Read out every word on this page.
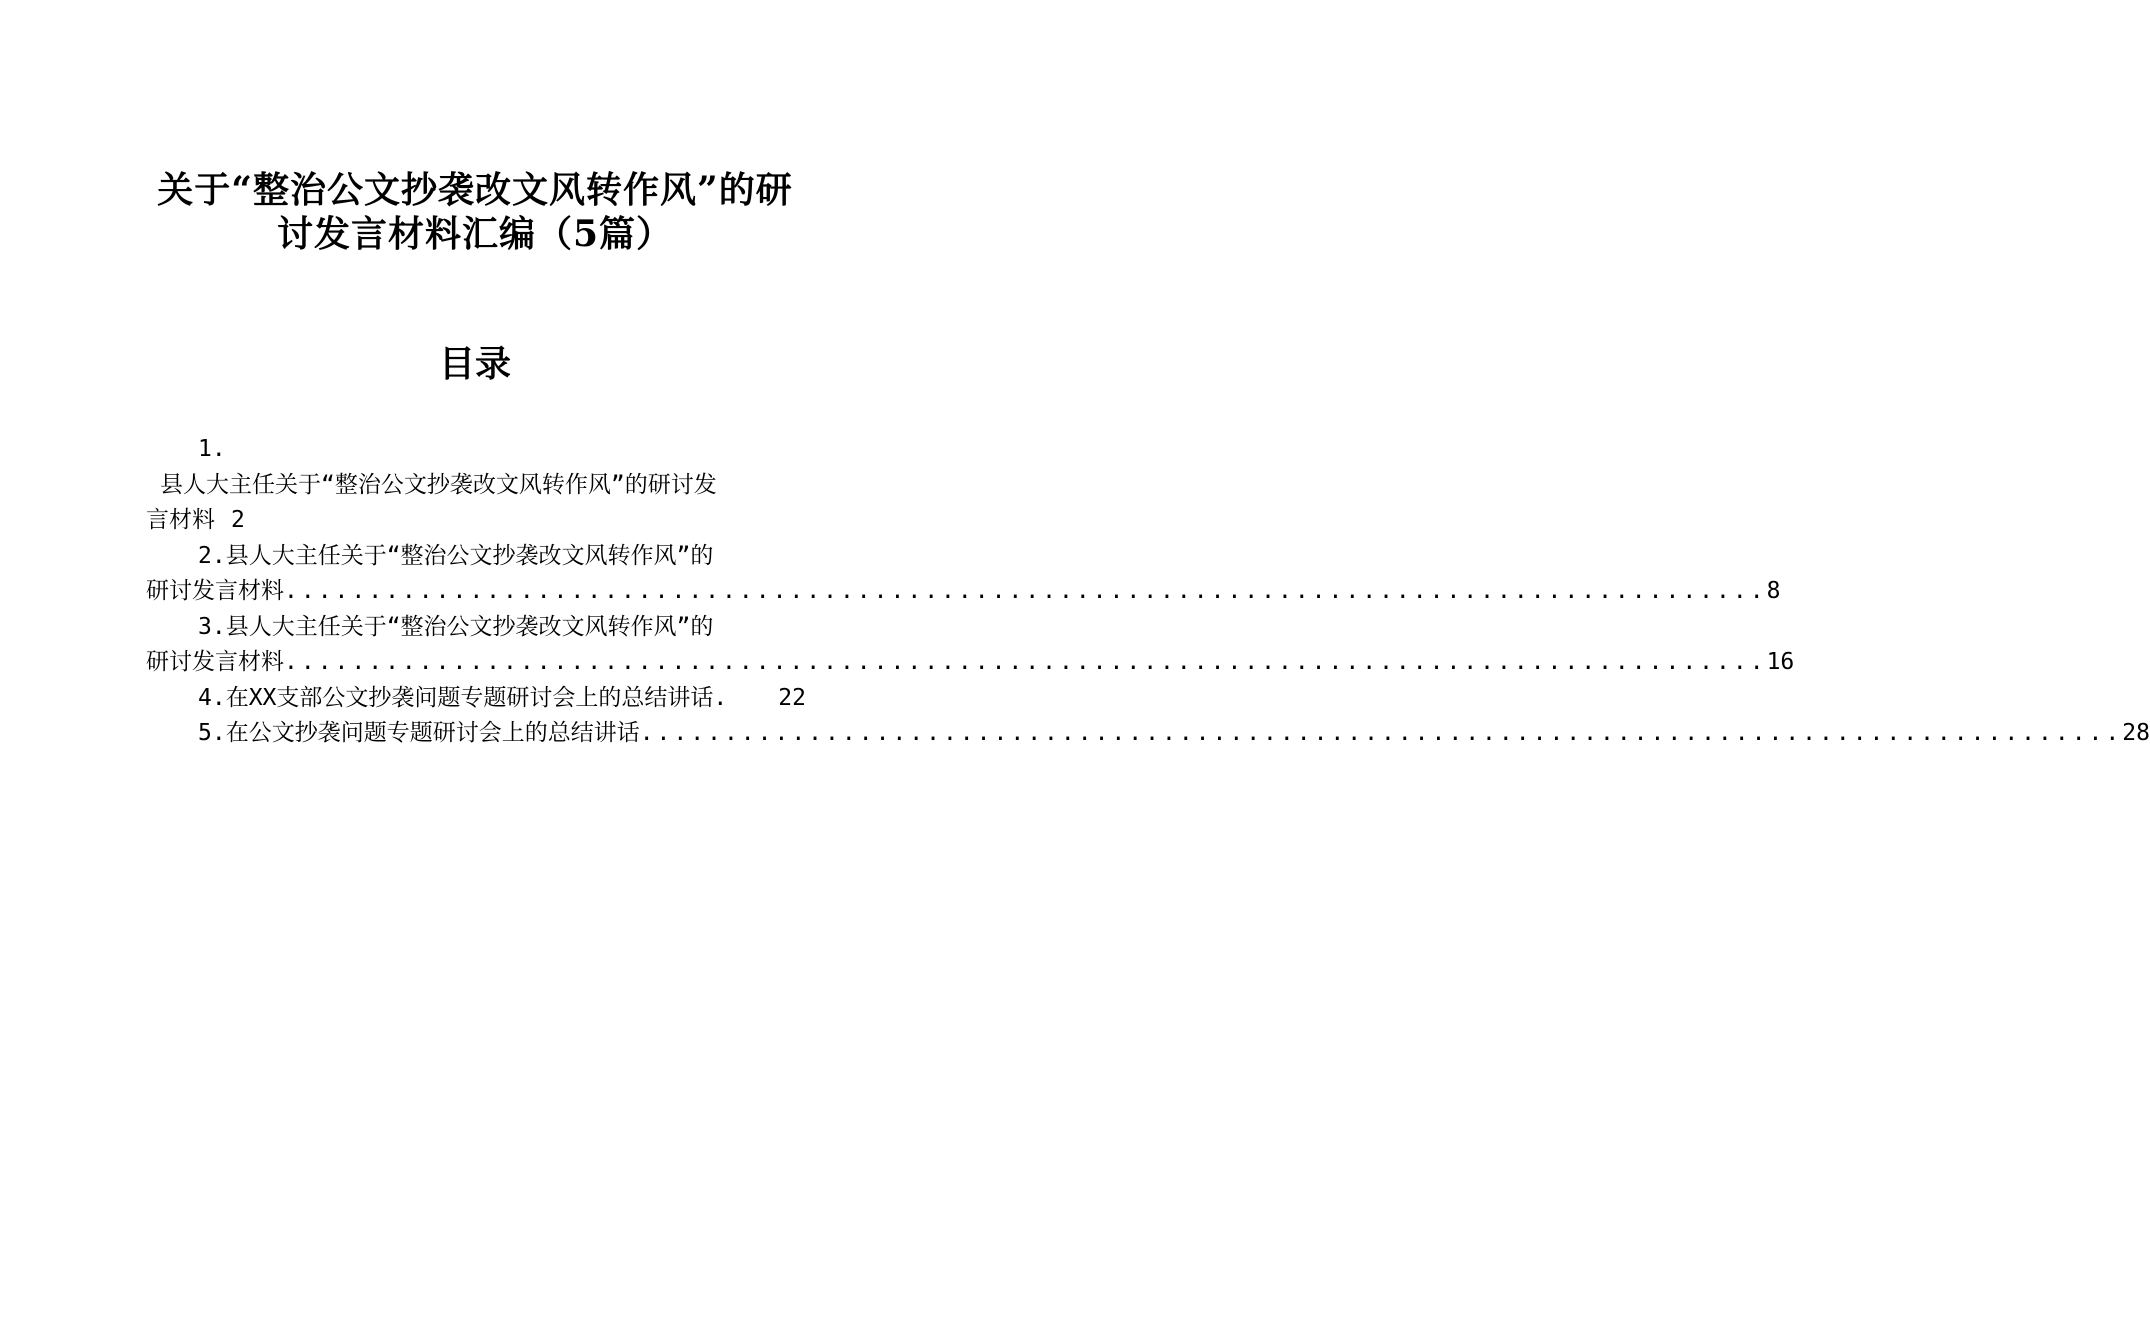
关于“整治公文抄袭改文风转作风”的研
讨发言材料汇编（5篇）
目录
1.
县人大主任关于“整治公文抄袭改文风转作风”的研讨发
言材料 2
2.县人大主任关于“整治公文抄袭改文风转作风”的
研讨发言材料 ........................................................................................ 8
3.县人大主任关于“整治公文抄袭改文风转作风”的
研讨发言材料 ........................................................................................ 16
4.在XX支部公文抄袭问题专题研讨会上的总结讲话. 22
5.在公文抄袭问题专题研讨会上的总结讲话 ........................................................................................ 28
